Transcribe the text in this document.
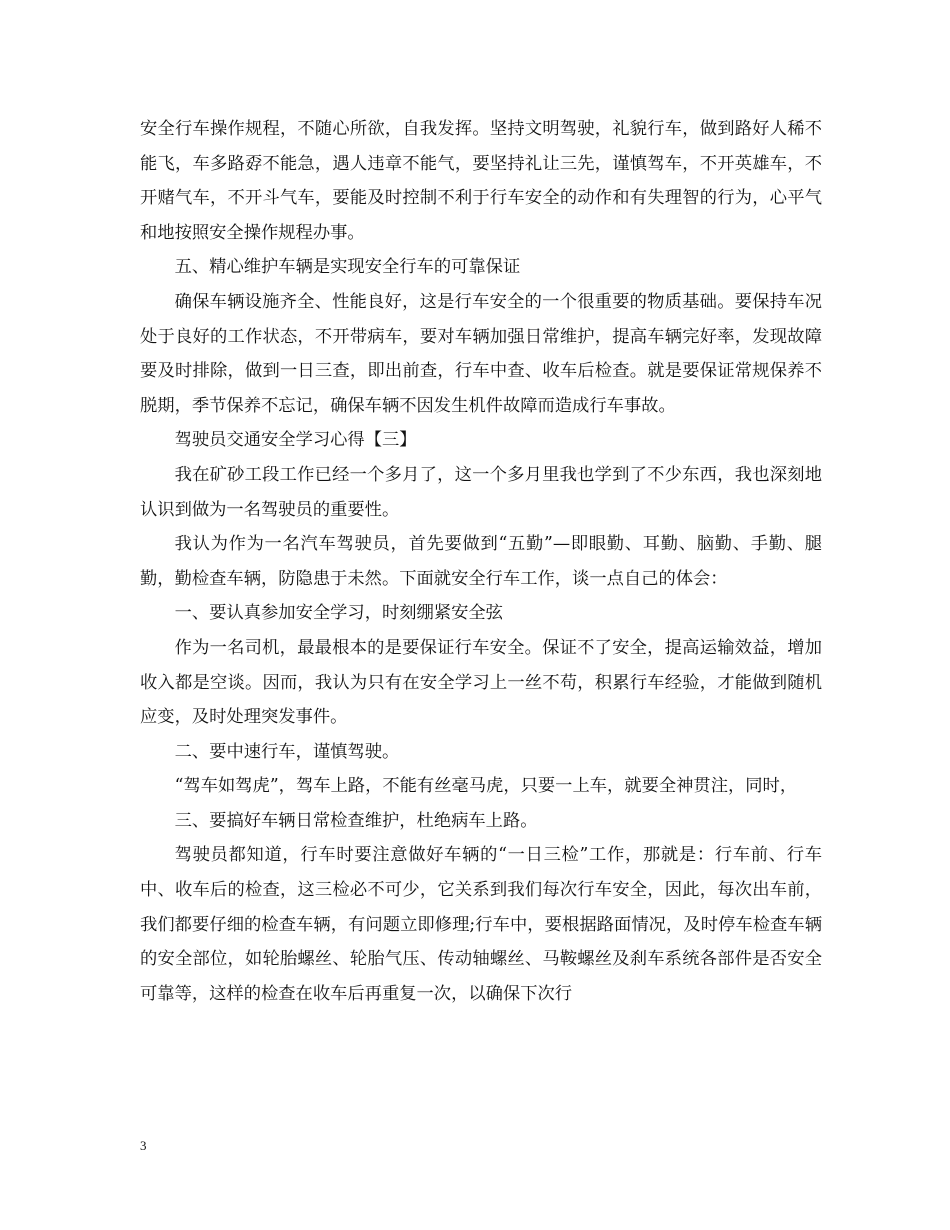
安全行车操作规程，不随心所欲，自我发挥。坚持文明驾驶，礼貌行车，做到路好人稀不能飞，车多路孬不能急，遇人违章不能气，要坚持礼让三先，谨慎驾车，不开英雄车，不开赌气车，不开斗气车，要能及时控制不利于行车安全的动作和有失理智的行为，心平气和地按照安全操作规程办事。

五、精心维护车辆是实现安全行车的可靠保证

确保车辆设施齐全、性能良好，这是行车安全的一个很重要的物质基础。要保持车况处于良好的工作状态，不开带病车，要对车辆加强日常维护，提高车辆完好率，发现故障要及时排除，做到一日三查，即出前查，行车中查、收车后检查。就是要保证常规保养不脱期，季节保养不忘记，确保车辆不因发生机件故障而造成行车事故。

驾驶员交通安全学习心得【三】

我在矿砂工段工作已经一个多月了，这一个多月里我也学到了不少东西，我也深刻地认识到做为一名驾驶员的重要性。

我认为作为一名汽车驾驶员，首先要做到“五勤”—即眼勤、耳勤、脑勤、手勤、腿勤，勤检查车辆，防隐患于未然。下面就安全行车工作，谈一点自己的体会：

一、要认真参加安全学习，时刻绷紧安全弦

作为一名司机，最最根本的是要保证行车安全。保证不了安全，提高运输效益，增加收入都是空谈。因而，我认为只有在安全学习上一丝不苟，积累行车经验，才能做到随机应变，及时处理突发事件。

二、要中速行车，谨慎驾驶。

“驾车如驾虎”，驾车上路，不能有丝毫马虎，只要一上车，就要全神贯注，同时，

三、要搞好车辆日常检查维护，杜绝病车上路。

驾驶员都知道，行车时要注意做好车辆的“一日三检”工作，那就是：行车前、行车中、收车后的检查，这三检必不可少，它关系到我们每次行车安全，因此，每次出车前，我们都要仔细的检查车辆，有问题立即修理;行车中，要根据路面情况，及时停车检查车辆的安全部位，如轮胎螺丝、轮胎气压、传动轴螺丝、马鞍螺丝及刹车系统各部件是否安全可靠等，这样的检查在收车后再重复一次，以确保下次行

3
